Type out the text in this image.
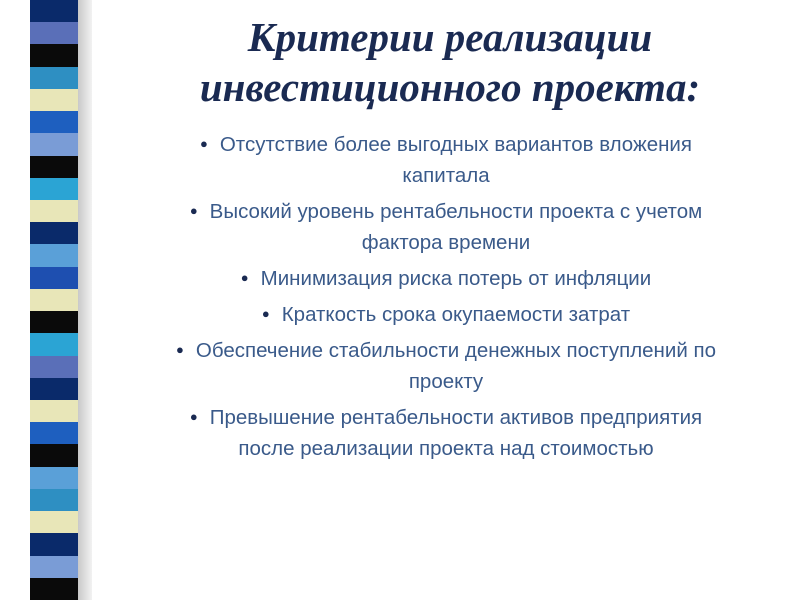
Критерии реализации
инвестиционного проекта:
● Отсутствие более выгодных вариантов вложения
капитала
● Высокий уровень рентабельности проекта с учетом
фактора времени
● Минимизация риска потерь от инфляции
● Краткость срока окупаемости затрат
● Обеспечение стабильности денежных поступлений по
проекту
● Превышение рентабельности активов предприятия
после реализации проекта над стоимостью
